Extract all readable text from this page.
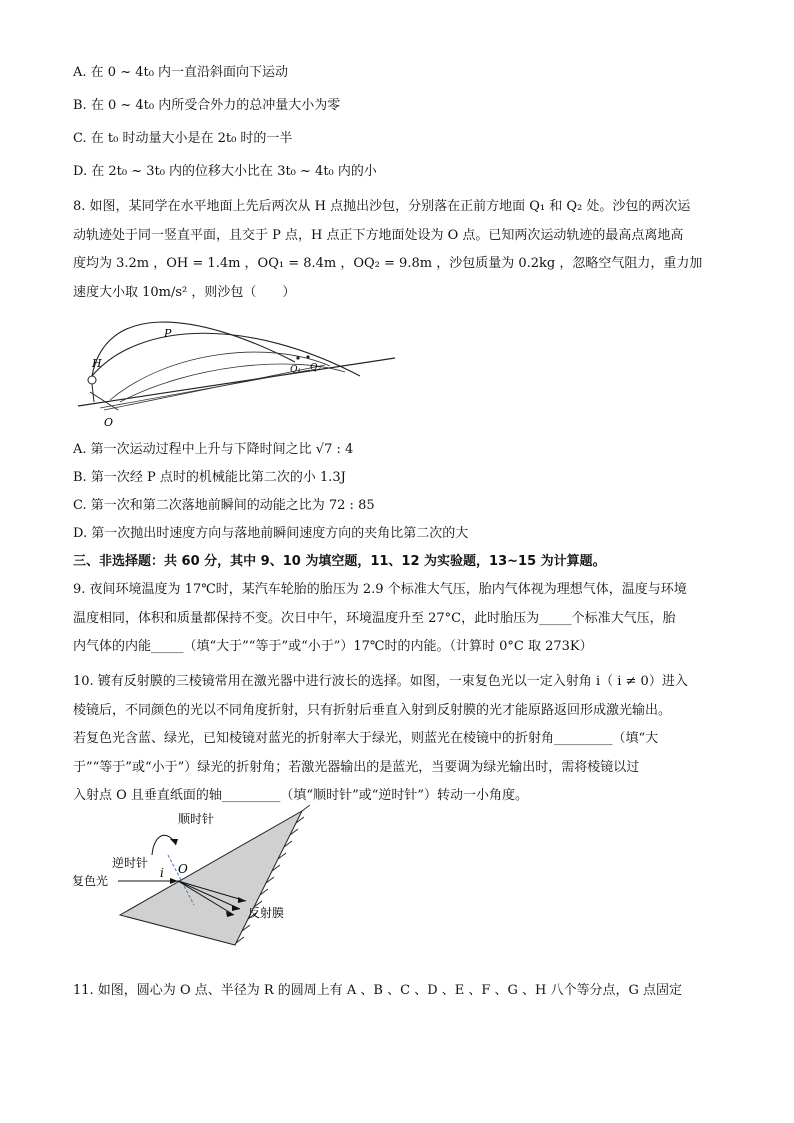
A. 在 0 ~ 4t₀ 内一直沿斜面向下运动
B. 在 0 ~ 4t₀ 内所受合外力的总冲量大小为零
C. 在 t₀ 时动量大小是在 2t₀ 时的一半
D. 在 2t₀ ~ 3t₀ 内的位移大小比在 3t₀ ~ 4t₀ 内的小
8. 如图，某同学在水平地面上先后两次从 H 点抛出沙包，分别落在正前方地面 Q₁ 和 Q₂ 处。沙包的两次运
动轨迹处于同一竖直平面，且交于 P 点，H 点正下方地面处设为 O 点。已知两次运动轨迹的最高点离地高
度均为 3.2m ，OH = 1.4m ，OQ₁ = 8.4m ，OQ₂ = 9.8m ，沙包质量为 0.2kg ，忽略空气阻力，重力加
速度大小取 10m/s² ，则沙包（　　）
P
H
O
Q₁ Q₂
A. 第一次运动过程中上升与下降时间之比 √7 : 4
B. 第一次经 P 点时的机械能比第二次的小 1.3J
C. 第一次和第二次落地前瞬间的动能之比为 72 : 85
D. 第一次抛出时速度方向与落地前瞬间速度方向的夹角比第二次的大
三、非选择题：共 60 分，其中 9、10 为填空题，11、12 为实验题，13~15 为计算题。
9. 夜间环境温度为 17℃时，某汽车轮胎的胎压为 2.9 个标准大气压，胎内气体视为理想气体，温度与环境
温度相同，体积和质量都保持不变。次日中午，环境温度升至 27°C，此时胎压为_____个标准大气压，胎
内气体的内能_____（填“大于”“等于”或“小于”）17℃时的内能。（计算时 0°C 取 273K）
10. 镀有反射膜的三棱镜常用在激光器中进行波长的选择。如图，一束复色光以一定入射角 i（ i ≠ 0）进入
棱镜后，不同颜色的光以不同角度折射，只有折射后垂直入射到反射膜的光才能原路返回形成激光输出。
若复色光含蓝、绿光，已知棱镜对蓝光的折射率大于绿光，则蓝光在棱镜中的折射角_________（填“大
于”“等于”或“小于”）绿光的折射角；若激光器输出的是蓝光，当要调为绿光输出时，需将棱镜以过
入射点 O 且垂直纸面的轴_________（填“顺时针”或“逆时针”）转动一小角度。
顺时针
逆时针
复色光
i O
反射膜
11. 如图，圆心为 O 点、半径为 R 的圆周上有 A 、B 、C 、D 、E 、F 、G 、H 八个等分点，G 点固定
